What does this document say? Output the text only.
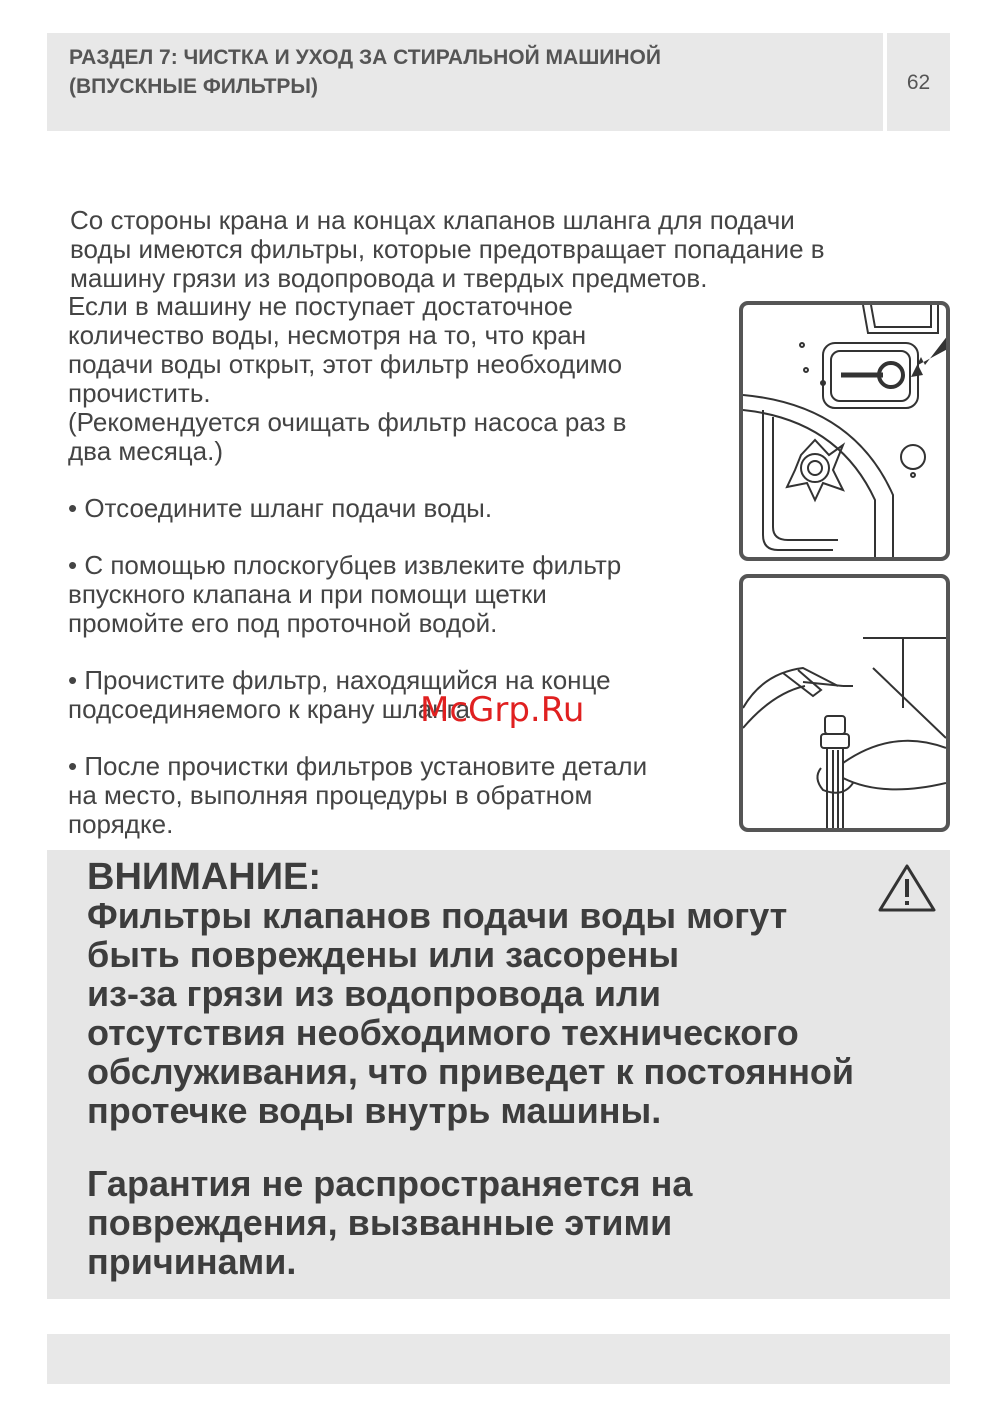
РАЗДЕЛ 7: ЧИСТКА И УХОД ЗА СТИРАЛЬНОЙ МАШИНОЙ
(ВПУСКНЫЕ ФИЛЬТРЫ)	62
Со стороны крана и на концах клапанов шланга для подачи
воды имеются фильтры, которые предотвращает попадание в
машину грязи из водопровода и твердых предметов.
Если в машину не поступает достаточное
количество воды, несмотря на то, что кран
подачи воды открыт, этот фильтр необходимо
прочистить.
(Рекомендуется очищать фильтр насоса раз в
два месяца.)
• Отсоедините шланг подачи воды.
• С помощью плоскогубцев извлеките фильтр
впускного клапана и при помощи щетки
промойте его под проточной водой.
• Прочистите фильтр, находящийся на конце
подсоединяемого к крану шланга.
• После прочистки фильтров установите детали
на место, выполняя процедуры в обратном
порядке.
McGrp.Ru
ВНИМАНИЕ:
Фильтры клапанов подачи воды могут
быть повреждены или засорены
из-за грязи из водопровода или
отсутствия необходимого технического
обслуживания, что приведет к постоянной
протечке воды внутрь машины.
Гарантия не распространяется на
повреждения, вызванные этими
причинами.
